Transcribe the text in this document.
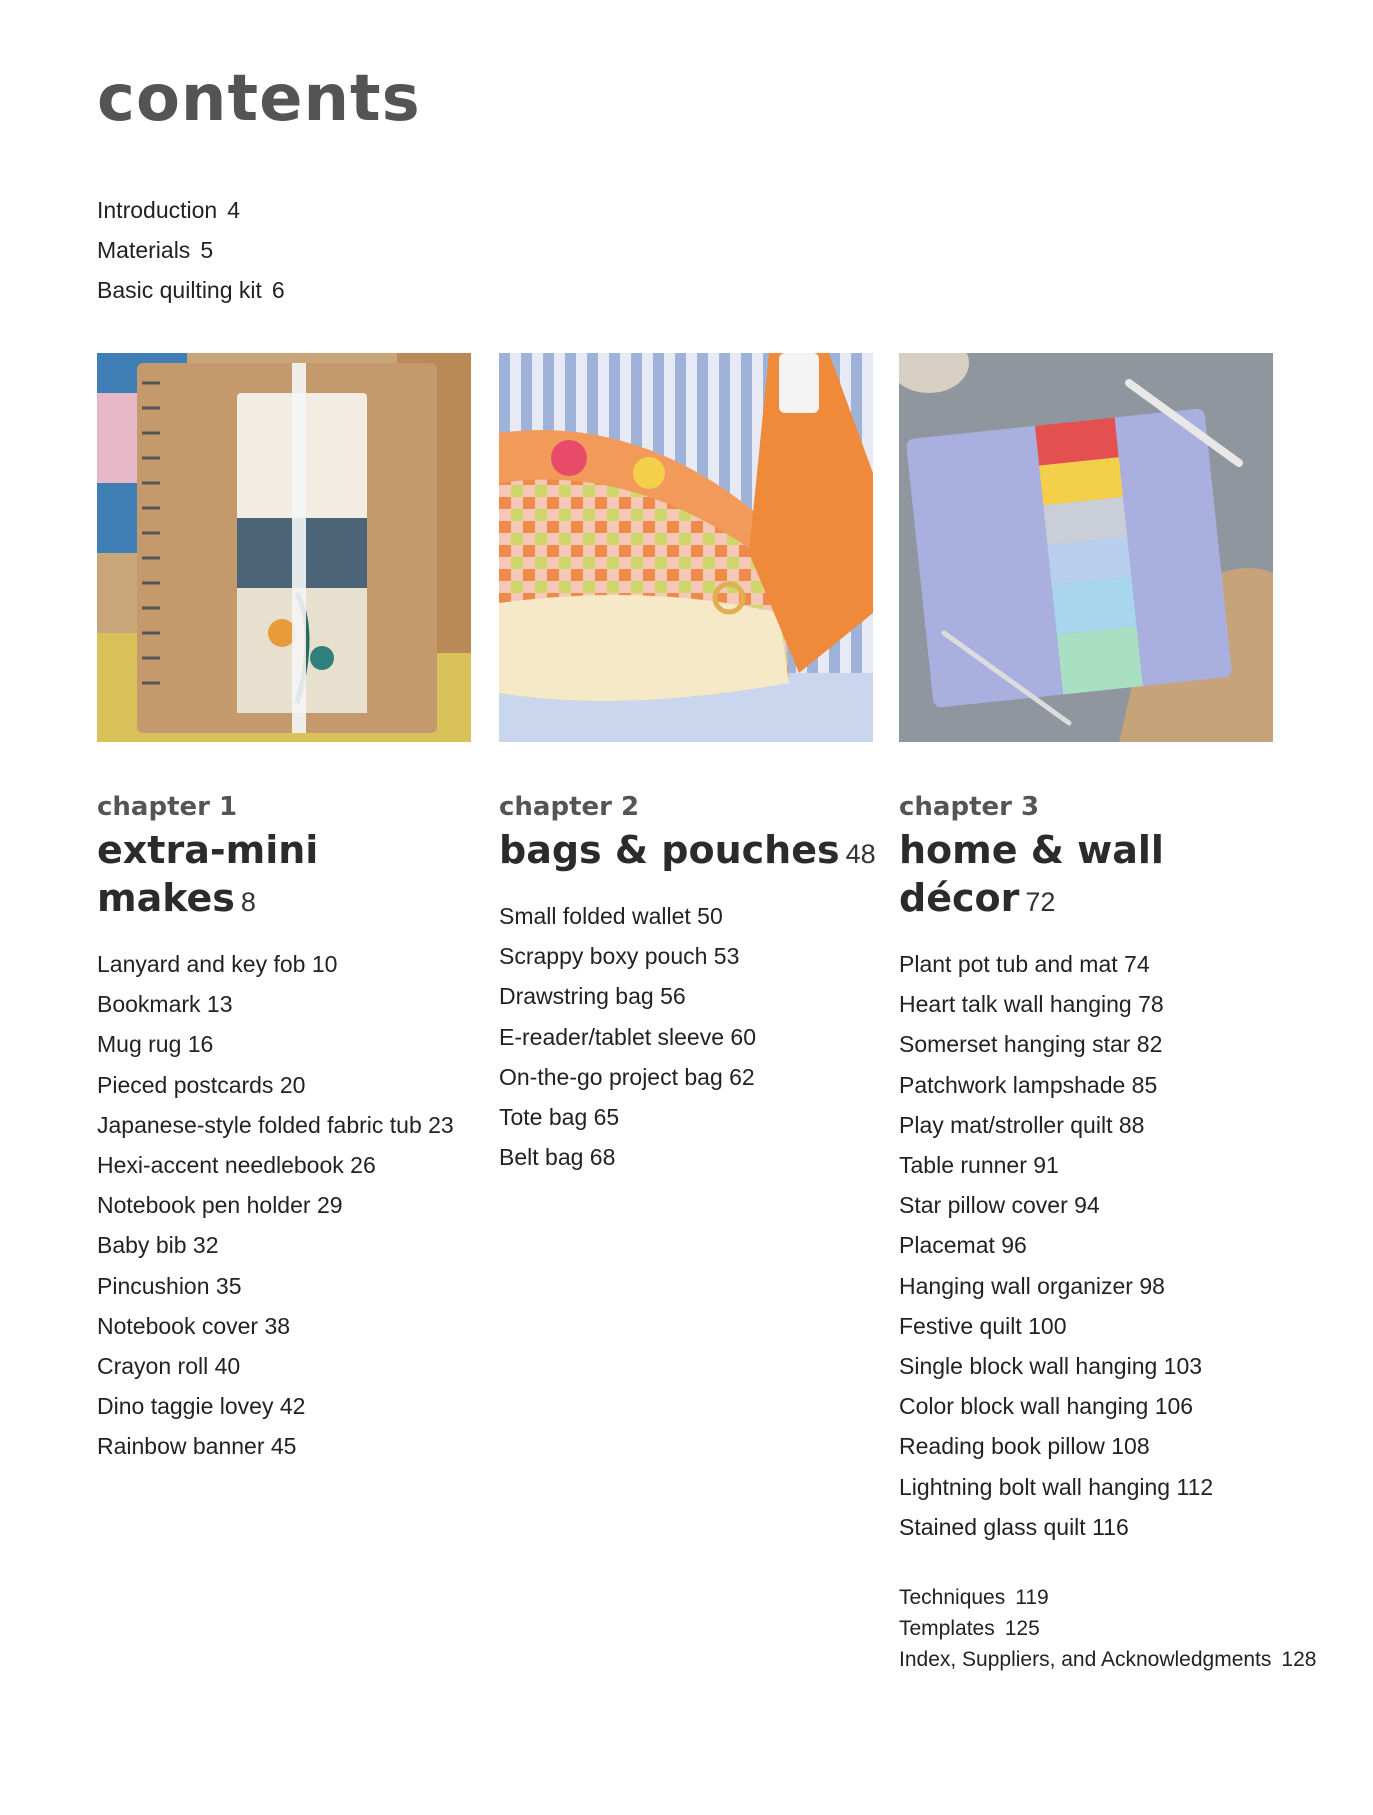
contents
Introduction 4
Materials 5
Basic quilting kit 6
chapter 1
extra-mini makes 8
Lanyard and key fob 10
Bookmark 13
Mug rug 16
Pieced postcards 20
Japanese-style folded fabric tub 23
Hexi-accent needlebook 26
Notebook pen holder 29
Baby bib 32
Pincushion 35
Notebook cover 38
Crayon roll 40
Dino taggie lovey 42
Rainbow banner 45
chapter 2
bags & pouches 48
Small folded wallet 50
Scrappy boxy pouch 53
Drawstring bag 56
E-reader/tablet sleeve 60
On-the-go project bag 62
Tote bag 65
Belt bag 68
chapter 3
home & wall
décor 72
Plant pot tub and mat 74
Heart talk wall hanging 78
Somerset hanging star 82
Patchwork lampshade 85
Play mat/stroller quilt 88
Table runner 91
Star pillow cover 94
Placemat 96
Hanging wall organizer 98
Festive quilt 100
Single block wall hanging 103
Color block wall hanging 106
Reading book pillow 108
Lightning bolt wall hanging 112
Stained glass quilt 116
Techniques 119
Templates 125
Index, Suppliers, and Acknowledgments 128
